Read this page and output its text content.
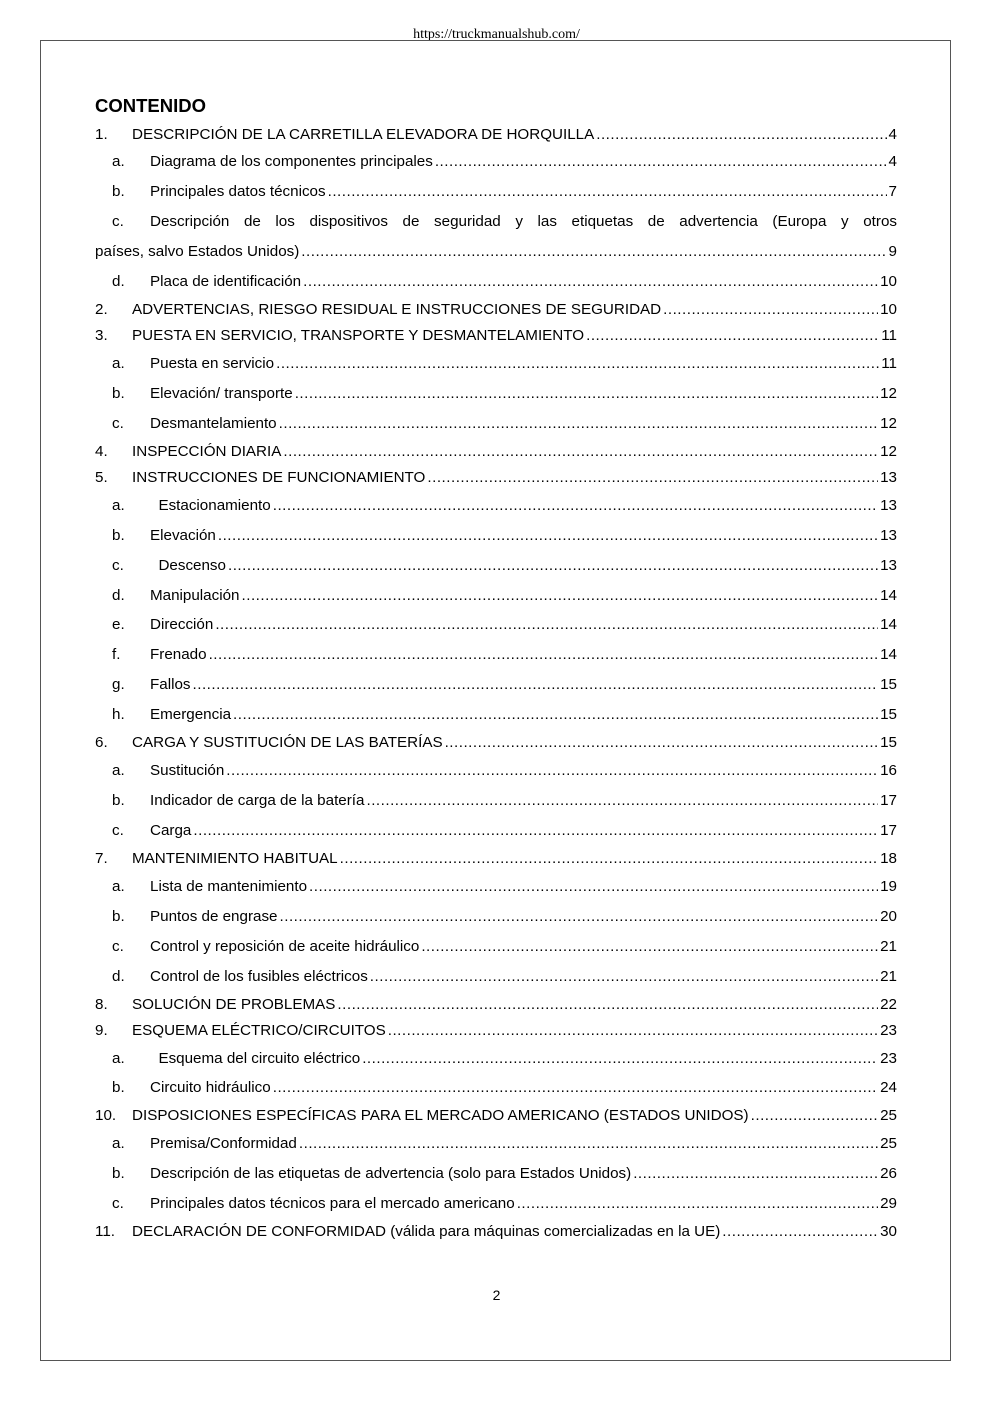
https://truckmanualshub.com/
CONTENIDO
1.	DESCRIPCIÓN DE LA CARRETILLA ELEVADORA DE HORQUILLA .....	4
a.	Diagrama de los componentes principales .....	4
b.	Principales datos técnicos .....	7
c.	Descripción de los dispositivos de seguridad y las etiquetas de advertencia (Europa y otros
países, salvo Estados Unidos) .....	9
d.	Placa de identificación .....	10
2.	ADVERTENCIAS, RIESGO RESIDUAL E INSTRUCCIONES DE SEGURIDAD .....	10
3.	PUESTA EN SERVICIO, TRANSPORTE Y DESMANTELAMIENTO .....	11
a.	Puesta en servicio .....	11
b.	Elevación/ transporte .....	12
c.	Desmantelamiento .....	12
4.	INSPECCIÓN DIARIA .....	12
5.	INSTRUCCIONES DE FUNCIONAMIENTO .....	13
a.	Estacionamiento .....	13
b.	Elevación .....	13
c.	Descenso .....	13
d.	Manipulación .....	14
e.	Dirección .....	14
f.	Frenado .....	14
g.	Fallos .....	15
h.	Emergencia .....	15
6.	CARGA Y SUSTITUCIÓN DE LAS BATERÍAS .....	15
a.	Sustitución .....	16
b.	Indicador de carga de la batería .....	17
c.	Carga .....	17
7.	MANTENIMIENTO HABITUAL .....	18
a.	Lista de mantenimiento .....	19
b.	Puntos de engrase .....	20
c.	Control y reposición de aceite hidráulico .....	21
d.	Control de los fusibles eléctricos .....	21
8.	SOLUCIÓN DE PROBLEMAS .....	22
9.	ESQUEMA ELÉCTRICO/CIRCUITOS .....	23
a.	Esquema del circuito eléctrico .....	23
b.	Circuito hidráulico .....	24
10.	DISPOSICIONES ESPECÍFICAS PARA EL MERCADO AMERICANO (ESTADOS UNIDOS) .....	25
a.	Premisa/Conformidad .....	25
b.	Descripción de las etiquetas de advertencia (solo para Estados Unidos) .....	26
c.	Principales datos técnicos para el mercado americano .....	29
11.	DECLARACIÓN DE CONFORMIDAD (válida para máquinas comercializadas en la UE) .....	30
2
